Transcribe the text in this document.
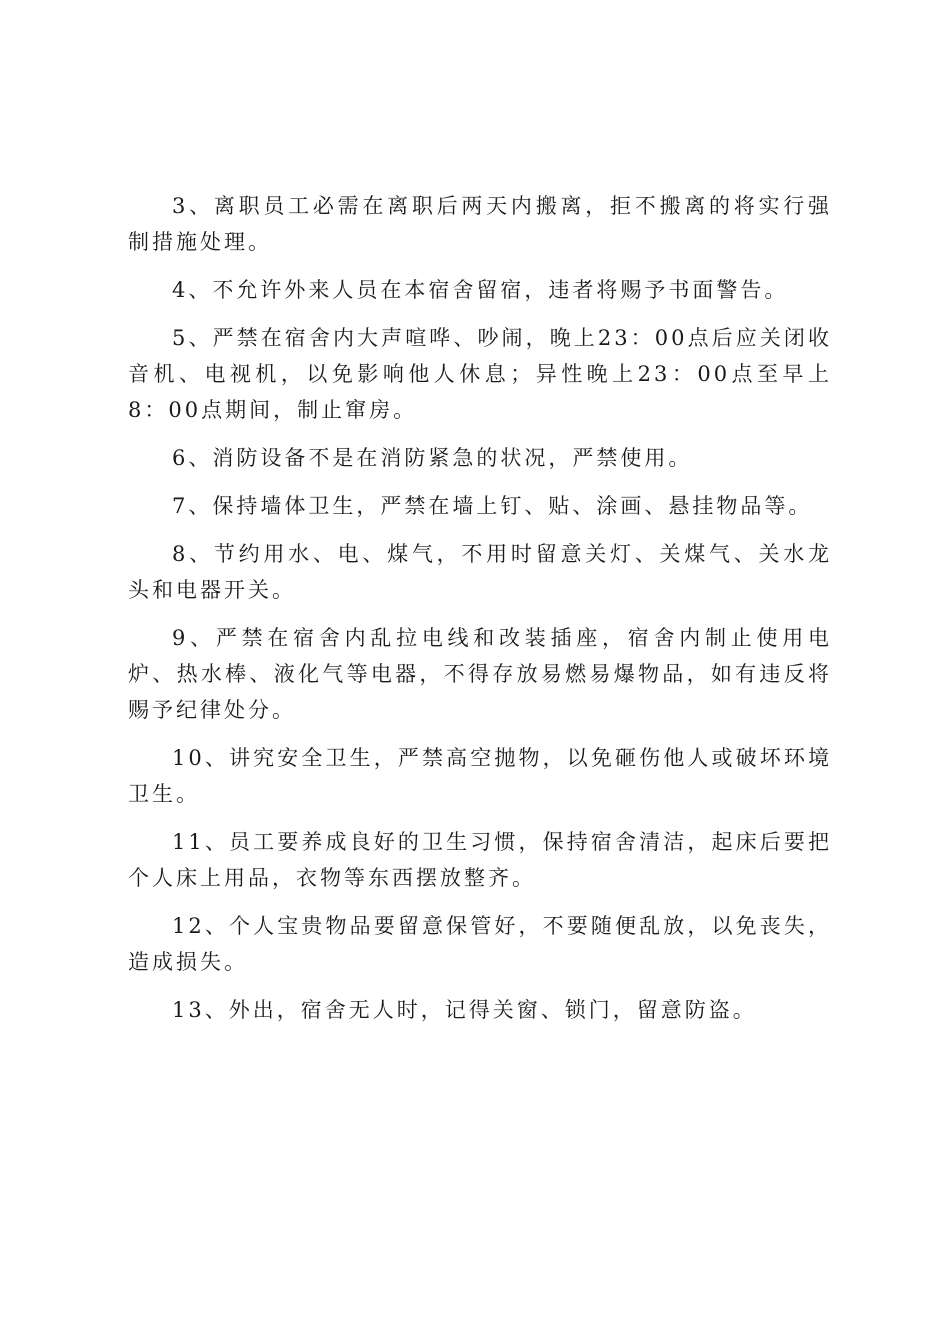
3、离职员工必需在离职后两天内搬离，拒不搬离的将实行强制措施处理。

4、不允许外来人员在本宿舍留宿，违者将赐予书面警告。

5、严禁在宿舍内大声喧哗、吵闹，晚上23：00点后应关闭收音机、电视机，以免影响他人休息；异性晚上23：00点至早上8：00点期间，制止窜房。

6、消防设备不是在消防紧急的状况，严禁使用。

7、保持墙体卫生，严禁在墙上钉、贴、涂画、悬挂物品等。

8、节约用水、电、煤气，不用时留意关灯、关煤气、关水龙头和电器开关。

9、严禁在宿舍内乱拉电线和改装插座，宿舍内制止使用电炉、热水棒、液化气等电器，不得存放易燃易爆物品，如有违反将赐予纪律处分。

10、讲究安全卫生，严禁高空抛物，以免砸伤他人或破坏环境卫生。

11、员工要养成良好的卫生习惯，保持宿舍清洁，起床后要把个人床上用品，衣物等东西摆放整齐。

12、个人宝贵物品要留意保管好，不要随便乱放，以免丧失，造成损失。

13、外出，宿舍无人时，记得关窗、锁门，留意防盗。
